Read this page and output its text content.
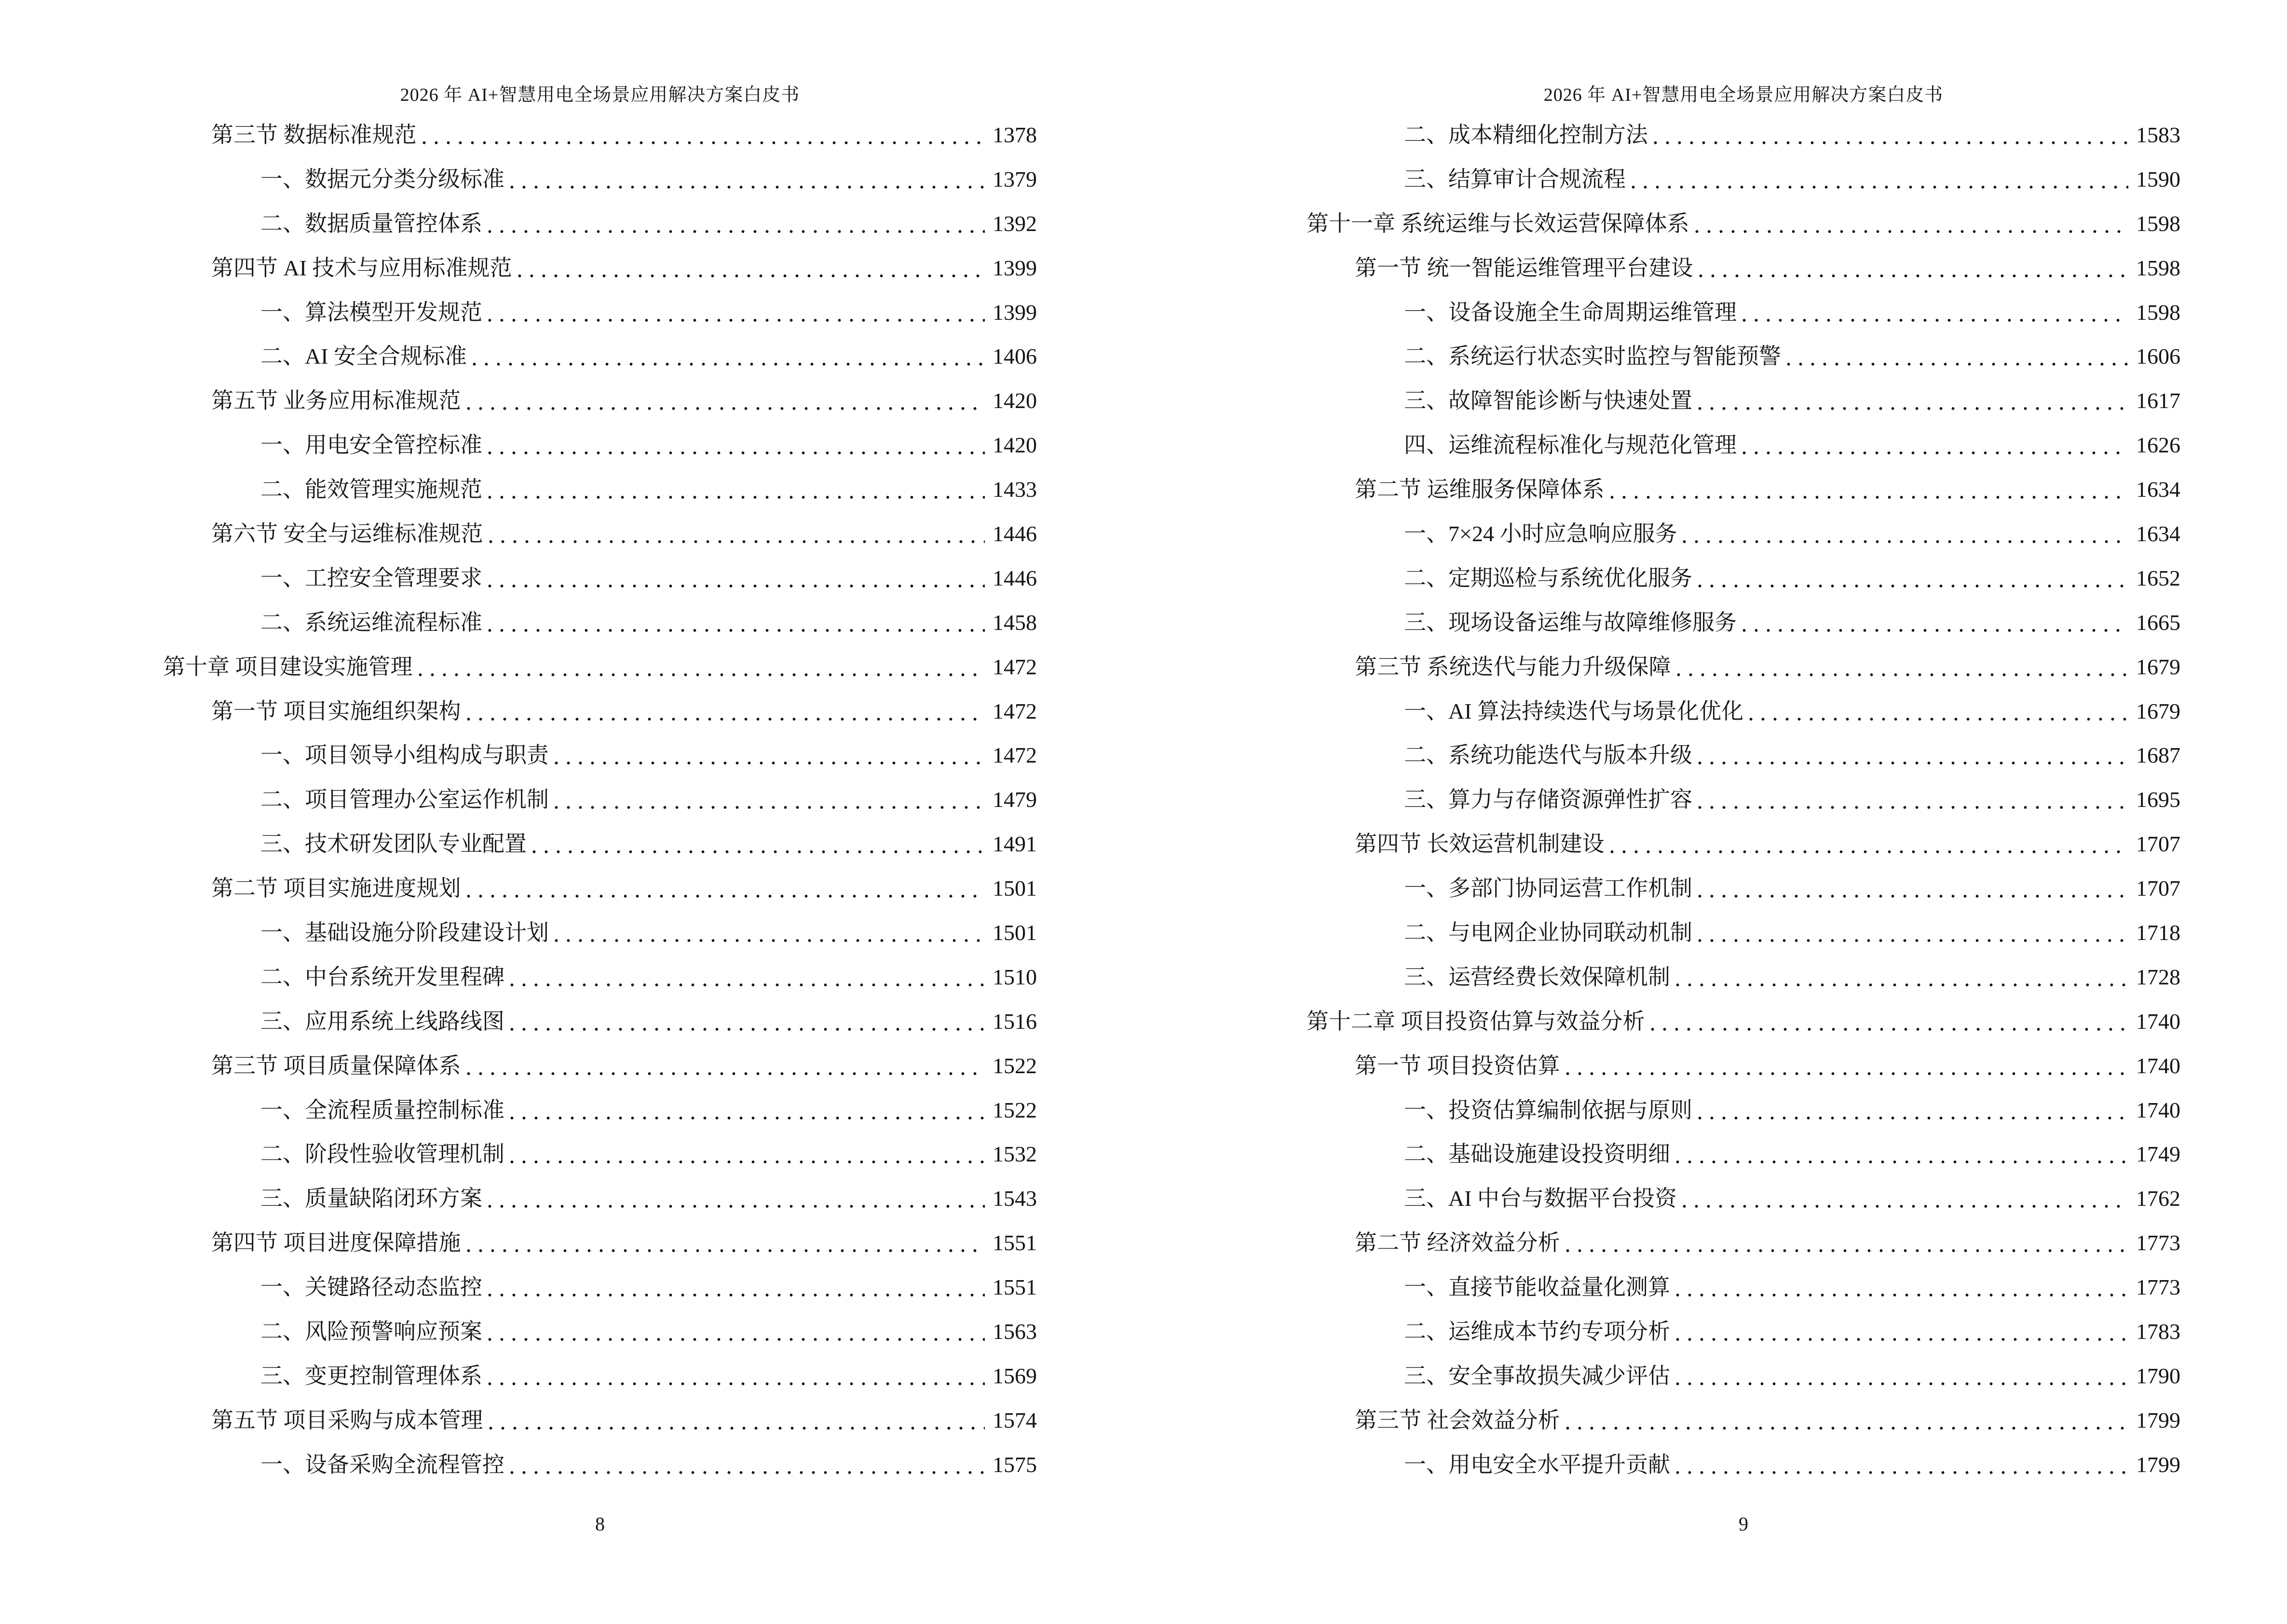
2026 年 AI+智慧用电全场景应用解决方案白皮书
第三节 数据标准规范	1378
一、数据元分类分级标准	1379
二、数据质量管控体系	1392
第四节 AI 技术与应用标准规范	1399
一、算法模型开发规范	1399
二、AI 安全合规标准	1406
第五节 业务应用标准规范	1420
一、用电安全管控标准	1420
二、能效管理实施规范	1433
第六节 安全与运维标准规范	1446
一、工控安全管理要求	1446
二、系统运维流程标准	1458
第十章 项目建设实施管理	1472
第一节 项目实施组织架构	1472
一、项目领导小组构成与职责	1472
二、项目管理办公室运作机制	1479
三、技术研发团队专业配置	1491
第二节 项目实施进度规划	1501
一、基础设施分阶段建设计划	1501
二、中台系统开发里程碑	1510
三、应用系统上线路线图	1516
第三节 项目质量保障体系	1522
一、全流程质量控制标准	1522
二、阶段性验收管理机制	1532
三、质量缺陷闭环方案	1543
第四节 项目进度保障措施	1551
一、关键路径动态监控	1551
二、风险预警响应预案	1563
三、变更控制管理体系	1569
第五节 项目采购与成本管理	1574
一、设备采购全流程管控	1575
8
2026 年 AI+智慧用电全场景应用解决方案白皮书
二、成本精细化控制方法	1583
三、结算审计合规流程	1590
第十一章 系统运维与长效运营保障体系	1598
第一节 统一智能运维管理平台建设	1598
一、设备设施全生命周期运维管理	1598
二、系统运行状态实时监控与智能预警	1606
三、故障智能诊断与快速处置	1617
四、运维流程标准化与规范化管理	1626
第二节 运维服务保障体系	1634
一、7×24 小时应急响应服务	1634
二、定期巡检与系统优化服务	1652
三、现场设备运维与故障维修服务	1665
第三节 系统迭代与能力升级保障	1679
一、AI 算法持续迭代与场景化优化	1679
二、系统功能迭代与版本升级	1687
三、算力与存储资源弹性扩容	1695
第四节 长效运营机制建设	1707
一、多部门协同运营工作机制	1707
二、与电网企业协同联动机制	1718
三、运营经费长效保障机制	1728
第十二章 项目投资估算与效益分析	1740
第一节 项目投资估算	1740
一、投资估算编制依据与原则	1740
二、基础设施建设投资明细	1749
三、AI 中台与数据平台投资	1762
第二节 经济效益分析	1773
一、直接节能收益量化测算	1773
二、运维成本节约专项分析	1783
三、安全事故损失减少评估	1790
第三节 社会效益分析	1799
一、用电安全水平提升贡献	1799
9
